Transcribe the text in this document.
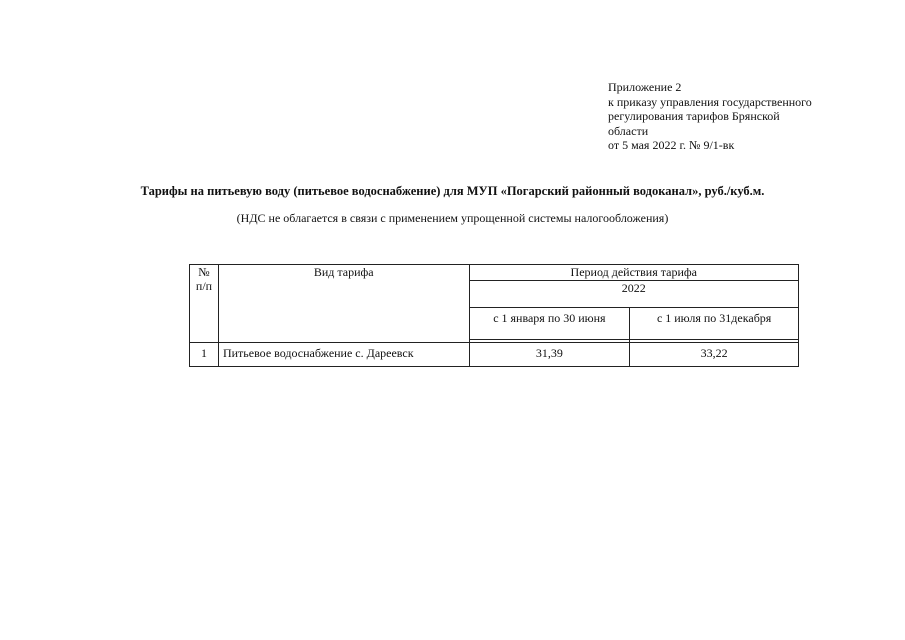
Приложение 2
к приказу управления государственного
регулирования тарифов Брянской
области
от 5 мая 2022 г. № 9/1-вк
Тарифы на питьевую воду (питьевое водоснабжение) для МУП «Погарский районный водоканал», руб./куб.м.
(НДС не облагается в связи с применением упрощенной системы налогообложения)
№ п/п	Вид тарифа	Период действия тарифа	
		2022	
		с 1 января по 30 июня	с 1 июля по 31декабря

1	Питьевое водоснабжение с. Дареевск	31,39	33,22
